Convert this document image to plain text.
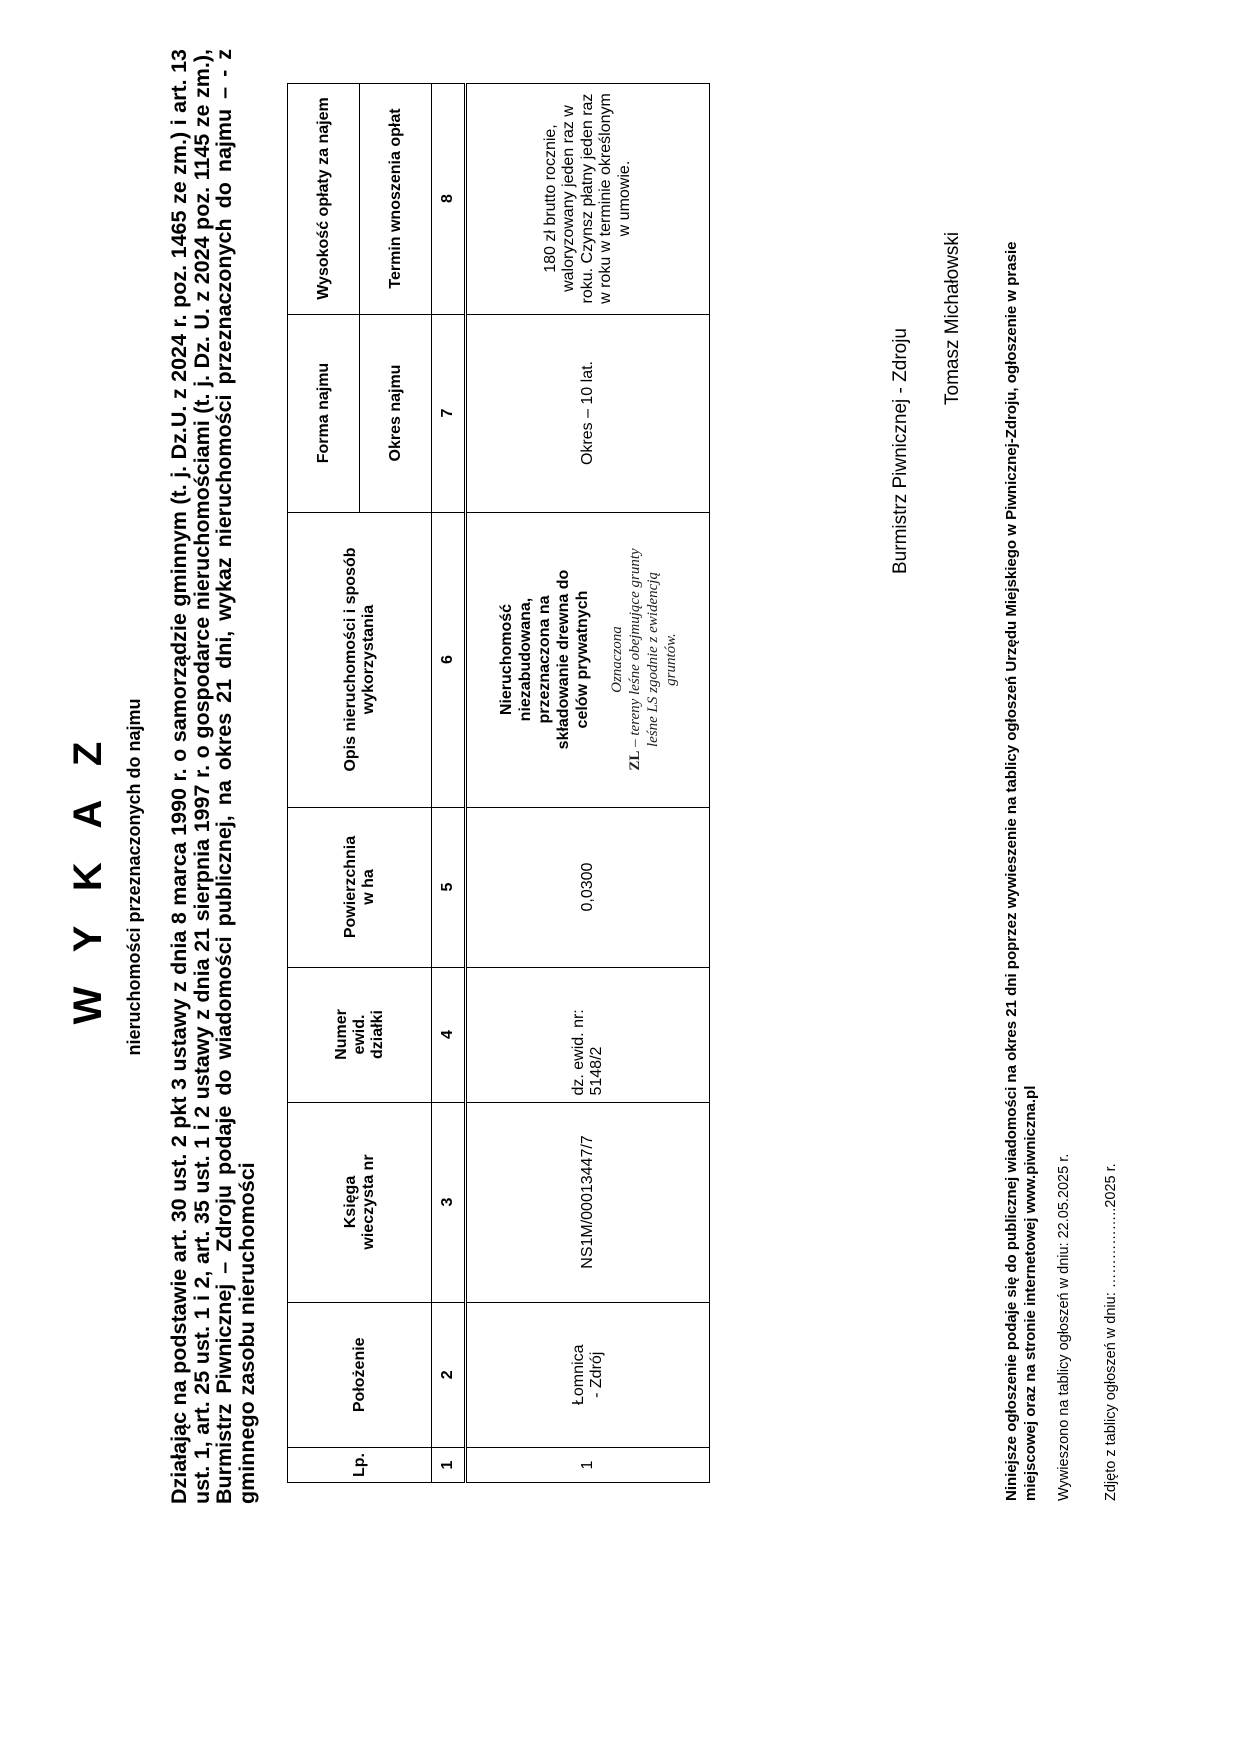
W Y K A Z nieruchomości przeznaczonych do najmu Działając na podstawie art. 30 ust. 2 pkt 3 ustawy z dnia 8 marca 1990 r. o samorządzie gminnym (t. j. Dz.U. z 2024 r. poz. 1465 ze zm.) i art. 13 ust. 1, art. 25 ust. 1 i 2, art. 35 ust. 1 i 2 ustawy z dnia 21 sierpnia 1997 r. o gospodarce nieruchomościami (t. j. Dz. U. z 2024 poz. 1145 ze zm.), Burmistrz Piwnicznej – Zdroju podaje do wiadomości publicznej, na okres 21 dni, wykaz nieruchomości przeznaczonych do najmu – - z gminnego zasobu nieruchomości	Lp.	Położenie	Księga wieczysta nr	Numer ewid. działki	Powierzchnia w ha	Opis nieruchomości i sposób wykorzystania	Forma najmu	Wysokość opłaty za najem
						Okres najmu	Termin wnoszenia opłat
1	2	3	4	5	6	7	8
1	Łomnica - Zdrój	NS1M/00013447/7	dz. ewid. nr: 5148/2	0,0300	Nieruchomość niezabudowana, przeznaczona na składowanie drewna do celów prywatnych Oznaczona
ZL – tereny leśne obejmujące grunty leśne LS zgodnie z ewidencją gruntów.	Okres – 10 lat.	180 zł brutto rocznie, waloryzowany jeden raz w roku. Czynsz płatny jeden raz w roku w terminie określonym w umowie.
Niniejsze ogłoszenie podaje się do publicznej wiadomości na okres 21 dni poprzez wywieszenie na tablicy ogłoszeń Urzędu Miejskiego w Piwnicznej-Zdroju, ogłoszenie w prasie miejscowej oraz na stronie internetowej www.piwniczna.pl Wywieszono na tablicy ogłoszeń w dniu: 22.05.2025 r. Zdjęto z tablicy ogłoszeń w dniu: ……………..2025 r.
Burmistrz Piwnicznej - Zdroju
Tomasz Michałowski
